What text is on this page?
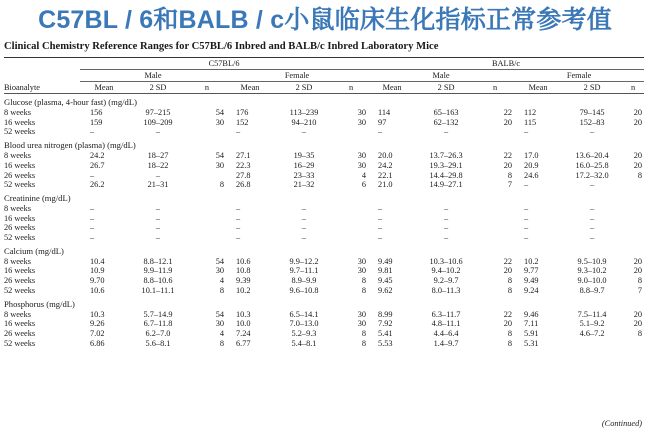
C57BL / 6和BALB / c小鼠临床生化指标正常参考值
Clinical Chemistry Reference Ranges for C57BL/6 Inbred and BALB/c Inbred Laboratory Mice
	C57BL/6						BALB/c					
	Male			Female			Male			Female		
Bioanalyte	Mean	2 SD	n	Mean	2 SD	n	Mean	2 SD	n	Mean	2 SD	n
Glucose (plasma, 4-hour fast) (mg/dL)												
8 weeks	156	97–215	54	176	113–239	30	114	65–163	22	112	79–145	20
16 weeks	159	109–209	30	152	94–210	30	97	62–132	20	115	152–83	20
52 weeks	–	–		–	–		–	–		–	–	
Blood urea nitrogen (plasma) (mg/dL)												
8 weeks	24.2	18–27	54	27.1	19–35	30	20.0	13.7–26.3	22	17.0	13.6–20.4	20
16 weeks	26.7	18–22	30	22.3	16–29	30	24.2	19.3–29.1	20	20.9	16.0–25.8	20
26 weeks	–	–		27.8	23–33	4	22.1	14.4–29.8	8	24.6	17.2–32.0	8
52 weeks	26.2	21–31	8	26.8	21–32	6	21.0	14.9–27.1	7	–	–	
Creatinine (mg/dL)												
8 weeks	–	–		–	–		–	–		–	–	
16 weeks	–	–		–	–		–	–		–	–	
26 weeks	–	–		–	–		–	–		–	–	
52 weeks	–	–		–	–		–	–		–	–	
Calcium (mg/dL)												
8 weeks	10.4	8.8–12.1	54	10.6	9.9–12.2	30	9.49	10.3–10.6	22	10.2	9.5–10.9	20
16 weeks	10.9	9.9–11.9	30	10.8	9.7–11.1	30	9.81	9.4–10.2	20	9.77	9.3–10.2	20
26 weeks	9.70	8.8–10.6	4	9.39	8.9–9.9	8	9.45	9.2–9.7	8	9.49	9.0–10.0	8
52 weeks	10.6	10.1–11.1	8	10.2	9.6–10.8	8	9.62	8.0–11.3	8	9.24	8.8–9.7	7
Phosphorus (mg/dL)												
8 weeks	10.3	5.7–14.9	54	10.3	6.5–14.1	30	8.99	6.3–11.7	22	9.46	7.5–11.4	20
16 weeks	9.26	6.7–11.8	30	10.0	7.0–13.0	30	7.92	4.8–11.1	20	7.11	5.1–9.2	20
26 weeks	7.02	6.2–7.0	4	7.24	5.2–9.3	8	5.41	4.4–6.4	8	5.91	4.6–7.2	8
52 weeks	6.86	5.6–8.1	8	6.77	5.4–8.1	8	5.53	1.4–9.7	8	5.31		
(Continued)
